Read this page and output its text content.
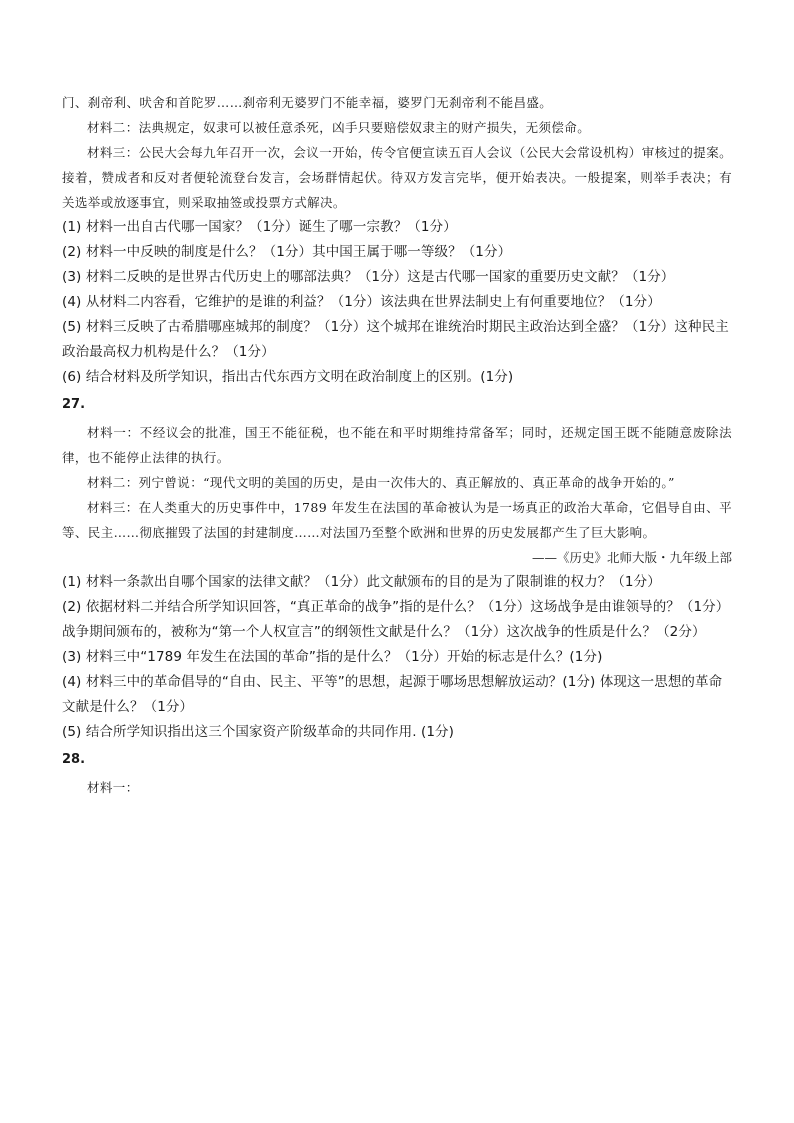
门、刹帝利、吠舍和首陀罗……刹帝利无婆罗门不能幸福，婆罗门无刹帝利不能昌盛。

材料二：法典规定，奴隶可以被任意杀死，凶手只要赔偿奴隶主的财产损失，无须偿命。

材料三：公民大会每九年召开一次，会议一开始，传令官便宣读五百人会议（公民大会常设机构）审核过的提案。接着，赞成者和反对者便轮流登台发言，会场群情起伏。待双方发言完毕，便开始表决。一般提案，则举手表决；有关选举或放逐事宜，则采取抽签或投票方式解决。

(1) 材料一出自古代哪一国家？（1分）诞生了哪一宗教？（1分）

(2) 材料一中反映的制度是什么？（1分）其中国王属于哪一等级？（1分）

(3) 材料二反映的是世界古代历史上的哪部法典？（1分）这是古代哪一国家的重要历史文献？（1分）

(4) 从材料二内容看，它维护的是谁的利益？（1分）该法典在世界法制史上有何重要地位？（1分）

(5) 材料三反映了古希腊哪座城邦的制度？（1分）这个城邦在谁统治时期民主政治达到全盛？（1分）这种民主政治最高权力机构是什么？（1分）

(6) 结合材料及所学知识，指出古代东西方文明在政治制度上的区别。(1分)

27.

材料一：不经议会的批准，国王不能征税，也不能在和平时期维持常备军；同时，还规定国王既不能随意废除法律，也不能停止法律的执行。

材料二：列宁曾说：“现代文明的美国的历史，是由一次伟大的、真正解放的、真正革命的战争开始的。”

材料三：在人类重大的历史事件中，1789 年发生在法国的革命被认为是一场真正的政治大革命，它倡导自由、平等、民主……彻底摧毁了法国的封建制度……对法国乃至整个欧洲和世界的历史发展都产生了巨大影响。

——《历史》北师大版・九年级上部

(1) 材料一条款出自哪个国家的法律文献？（1分）此文献颁布的目的是为了限制谁的权力？（1分）

(2) 依据材料二并结合所学知识回答，“真正革命的战争”指的是什么？（1分）这场战争是由谁领导的？（1分）战争期间颁布的，被称为“第一个人权宣言”的纲领性文献是什么？（1分）这次战争的性质是什么？（2分）

(3) 材料三中“1789 年发生在法国的革命”指的是什么？（1分）开始的标志是什么？(1分)

(4) 材料三中的革命倡导的“自由、民主、平等”的思想，起源于哪场思想解放运动？(1分) 体现这一思想的革命文献是什么？（1分）

(5) 结合所学知识指出这三个国家资产阶级革命的共同作用. (1分)

28.

材料一：
